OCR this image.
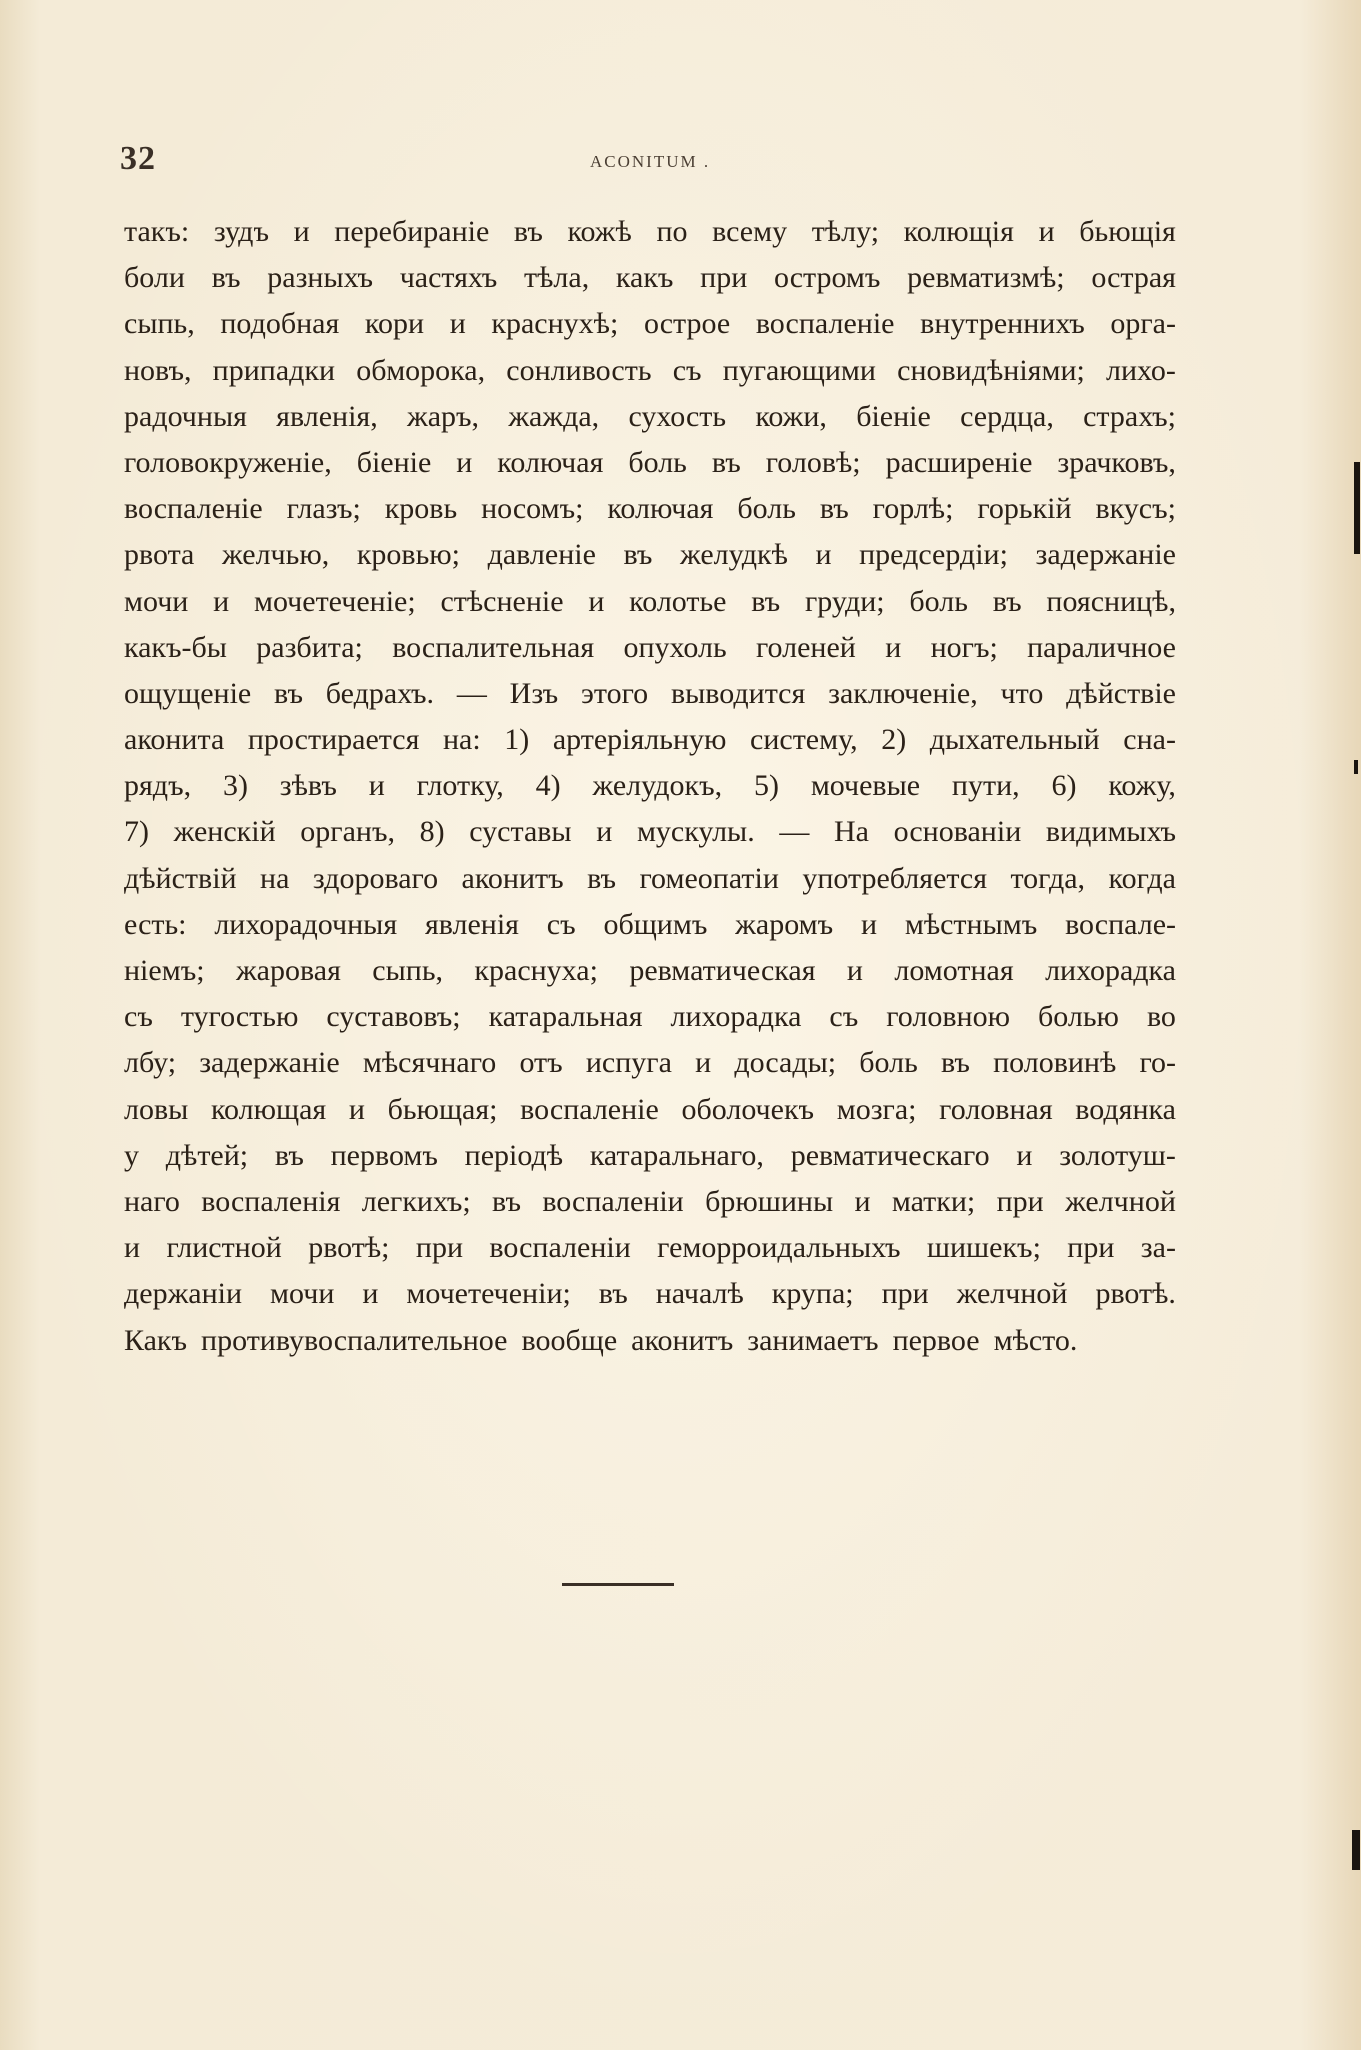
32	ACONITUM .
такъ: зудъ и перебиранiе въ кожѣ по всему тѣлу; колющiя и бьющiя
боли въ разныхъ частяхъ тѣла, какъ при остромъ ревматизмѣ; острая
сыпь, подобная кори и краснухѣ; острое воспаленiе внутреннихъ орга-
новъ, припадки обморока, сонливость съ пугающими сновидѣнiями; лихо-
радочныя явленiя, жаръ, жажда, сухость кожи, бiенiе сердца, страхъ;
головокруженiе, бiенiе и колючая боль въ головѣ; расширенiе зрачковъ,
воспаленiе глазъ; кровь носомъ; колючая боль въ горлѣ; горькiй вкусъ;
рвота желчью, кровью; давленiе въ желудкѣ и предсердiи; задержанiе
мочи и мочетеченiе; стѣсненiе и колотье въ груди; боль въ поясницѣ,
какъ-бы разбита; воспалительная опухоль голеней и ногъ; параличное
ощущенiе въ бедрахъ. — Изъ этого выводится заключенiе, что дѣйствiе
аконита простирается на: 1) артерiяльную систему, 2) дыхательный сна-
рядъ, 3) зѣвъ и глотку, 4) желудокъ, 5) мочевые пути, 6) кожу,
7) женскiй органъ, 8) суставы и мускулы. — На основанiи видимыхъ
дѣйствiй на здороваго аконитъ въ гомеопатiи употребляется тогда, когда
есть: лихорадочныя явленiя съ общимъ жаромъ и мѣстнымъ воспале-
нiемъ; жаровая сыпь, краснуха; ревматическая и ломотная лихорадка
съ тугостью суставовъ; катаральная лихорадка съ головною болью во
лбу; задержанiе мѣсячнаго отъ испуга и досады; боль въ половинѣ го-
ловы колющая и бьющая; воспаленiе оболочекъ мозга; головная водянка
у дѣтей; въ первомъ перiодѣ катаральнаго, ревматическаго и золотуш-
наго воспаленiя легкихъ; въ воспаленiи брюшины и матки; при желчной
и глистной рвотѣ; при воспаленiи геморроидальныхъ шишекъ; при за-
держанiи мочи и мочетеченiи; въ началѣ крупа; при желчной рвотѣ.
Какъ противувоспалительное вообще аконитъ занимаетъ первое мѣсто.
